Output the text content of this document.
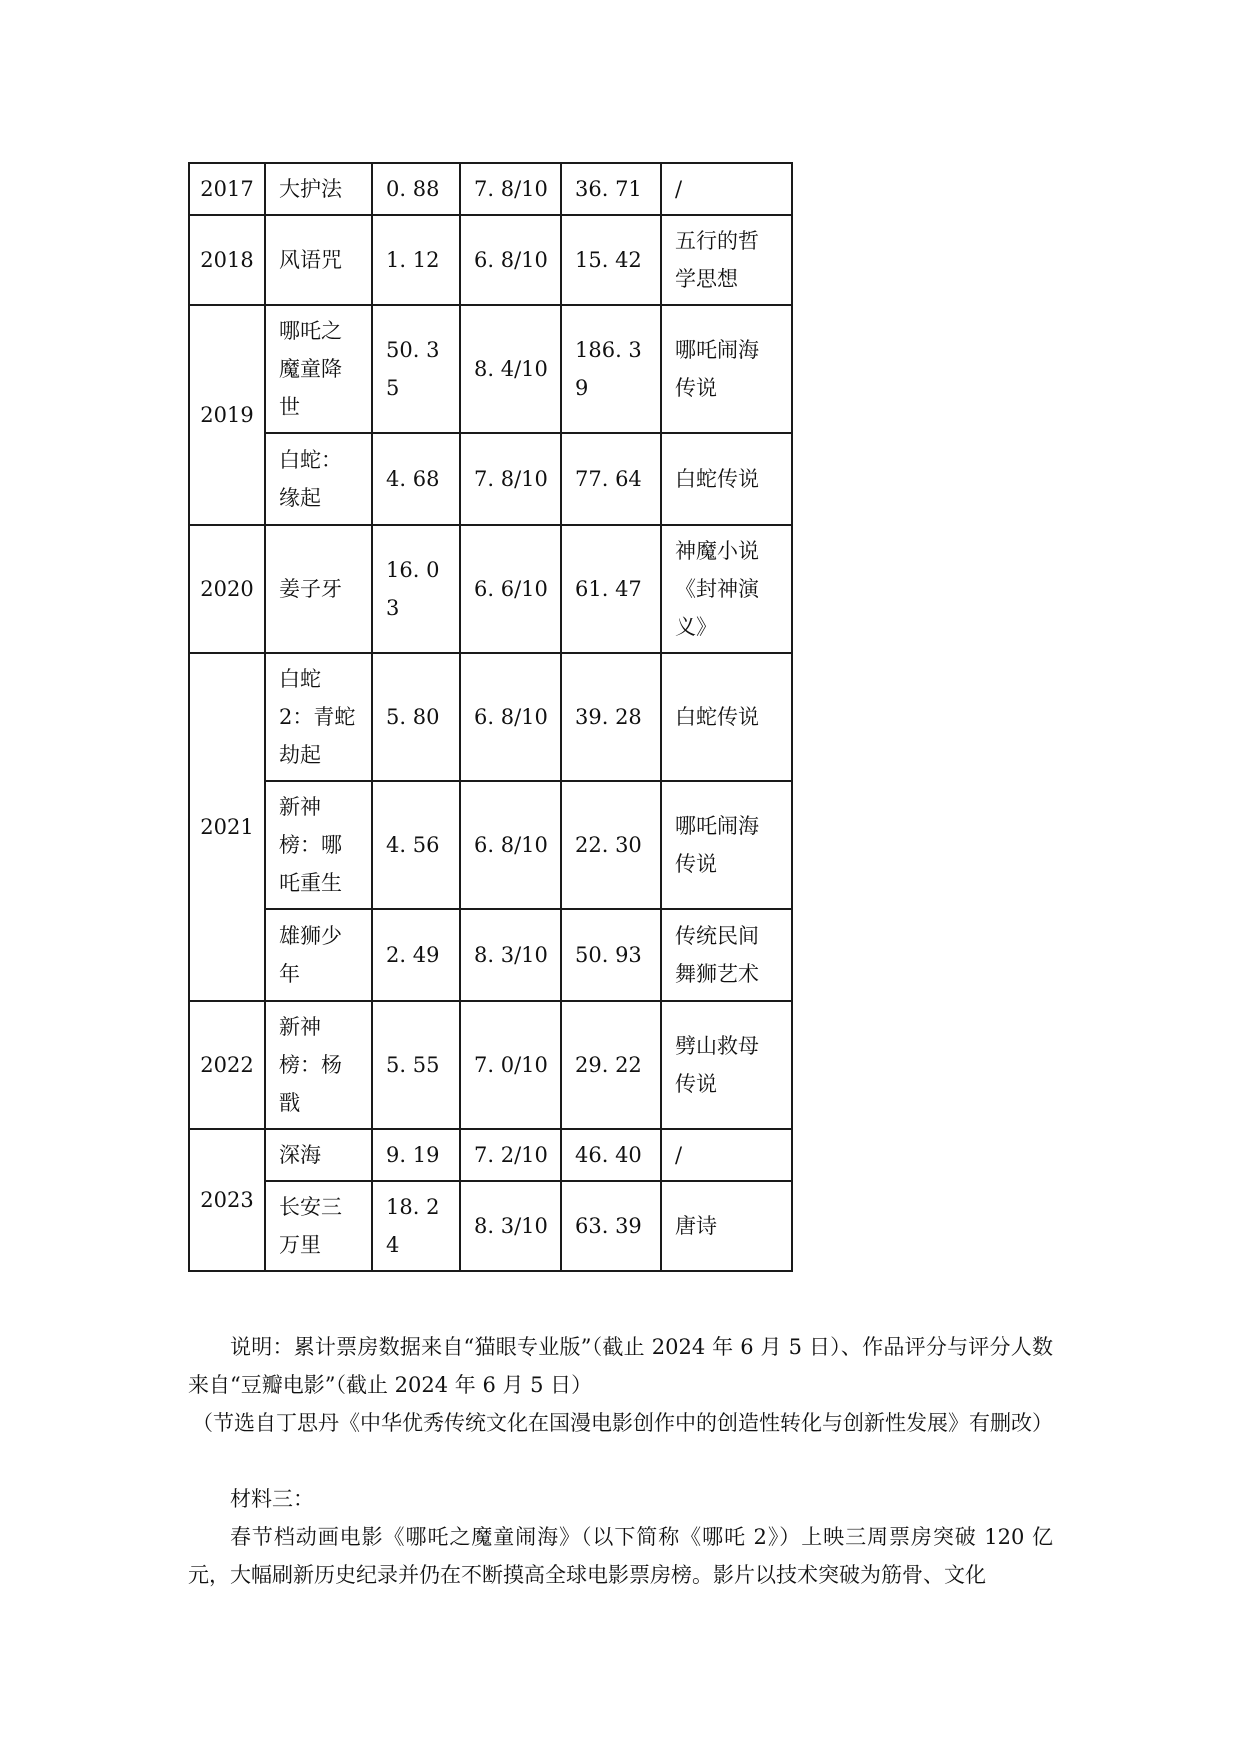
2017	大护法	0. 88	7. 8/10	36. 71	/
2018	风语咒	1. 12	6. 8/10	15. 42	五行的哲学思想
2019	哪吒之魔童降世	50. 35	8. 4/10	186. 39	哪吒闹海传说
	白蛇：缘起	4. 68	7. 8/10	77. 64	白蛇传说
2020	姜子牙	16. 03	6. 6/10	61. 47	神魔小说《封神演义》
2021	白蛇 2：青蛇劫起	5. 80	6. 8/10	39. 28	白蛇传说
	新神榜：哪吒重生	4. 56	6. 8/10	22. 30	哪吒闹海传说
	雄狮少年	2. 49	8. 3/10	50. 93	传统民间舞狮艺术
2022	新神榜：杨戬	5. 55	7. 0/10	29. 22	劈山救母传说
2023	深海	9. 19	7. 2/10	46. 40	/
	长安三万里	18. 24	8. 3/10	63. 39	唐诗

说明：累计票房数据来自“猫眼专业版”（截止 2024 年 6 月 5 日）、作品评分与评分人数来自“豆瓣电影”（截止 2024 年 6 月 5 日）

（节选自丁思丹《中华优秀传统文化在国漫电影创作中的创造性转化与创新性发展》有删改）

材料三：

春节档动画电影《哪吒之魔童闹海》（以下简称《哪吒 2》）上映三周票房突破 120 亿元，大幅刷新历史纪录并仍在不断摸高全球电影票房榜。影片以技术突破为筋骨、文化
